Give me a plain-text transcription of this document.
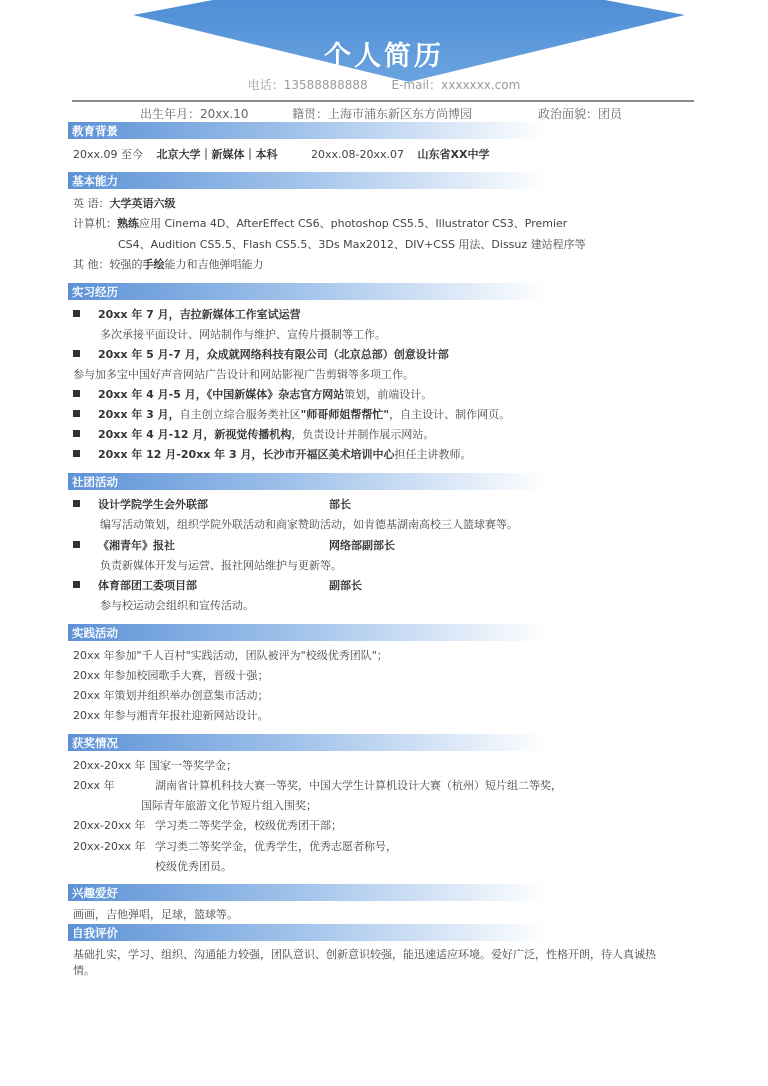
个人简历
电话：13588888888 E-mail：xxxxxxx.com
出生年月：20xx.10	籍贯：上海市浦东新区东方尚博园	政治面貌：团员
教育背景
20xx.09 至今 北京大学｜新媒体｜本科	20xx.08-20xx.07 山东省XX中学
基本能力
英 语：大学英语六级
计算机：熟练应用 Cinema 4D、AfterEffect CS6、photoshop CS5.5、Illustrator CS3、Premier
CS4、Audition CS5.5、Flash CS5.5、3Ds Max2012、DIV+CSS 用法、Dissuz 建站程序等
其 他：较强的手绘能力和吉他弹唱能力
实习经历
20xx 年 7 月，吉拉新媒体工作室试运营
多次承接平面设计、网站制作与维护、宣传片摄制等工作。
20xx 年 5 月-7 月，众成就网络科技有限公司（北京总部）创意设计部
参与加多宝中国好声音网站广告设计和网站影视广告剪辑等多项工作。
20xx 年 4 月-5 月，《中国新媒体》杂志官方网站策划，前端设计。
20xx 年 3 月，自主创立综合服务类社区"师哥师姐帮帮忙"，自主设计、制作网页。
20xx 年 4 月-12 月，新视觉传播机构，负责设计并制作展示网站。
20xx 年 12 月-20xx 年 3 月，长沙市开福区美术培训中心担任主讲教师。
社团活动
设计学院学生会外联部	部长
编写活动策划，组织学院外联活动和商家赞助活动，如肯德基湖南高校三人篮球赛等。
《湘青年》报社	网络部副部长
负责新媒体开发与运营、报社网站维护与更新等。
体育部团工委项目部	副部长
参与校运动会组织和宣传活动。
实践活动
20xx 年参加"千人百村"实践活动，团队被评为"校级优秀团队"；
20xx 年参加校园歌手大赛，晋级十强；
20xx 年策划并组织举办创意集市活动；
20xx 年参与湘青年报社迎新网站设计。
获奖情况
20xx-20xx 年 国家一等奖学金；
20xx 年	湖南省计算机科技大赛一等奖，中国大学生计算机设计大赛（杭州）短片组二等奖，
国际青年旅游文化节短片组入围奖；
20xx-20xx 年 学习类二等奖学金，校级优秀团干部；
20xx-20xx 年 学习类二等奖学金，优秀学生，优秀志愿者称号，
校级优秀团员。
兴趣爱好
画画，吉他弹唱，足球，篮球等。
自我评价
基础扎实，学习、组织、沟通能力较强，团队意识、创新意识较强，能迅速适应环境。爱好广泛，性格开朗，待人真诚热
情。
